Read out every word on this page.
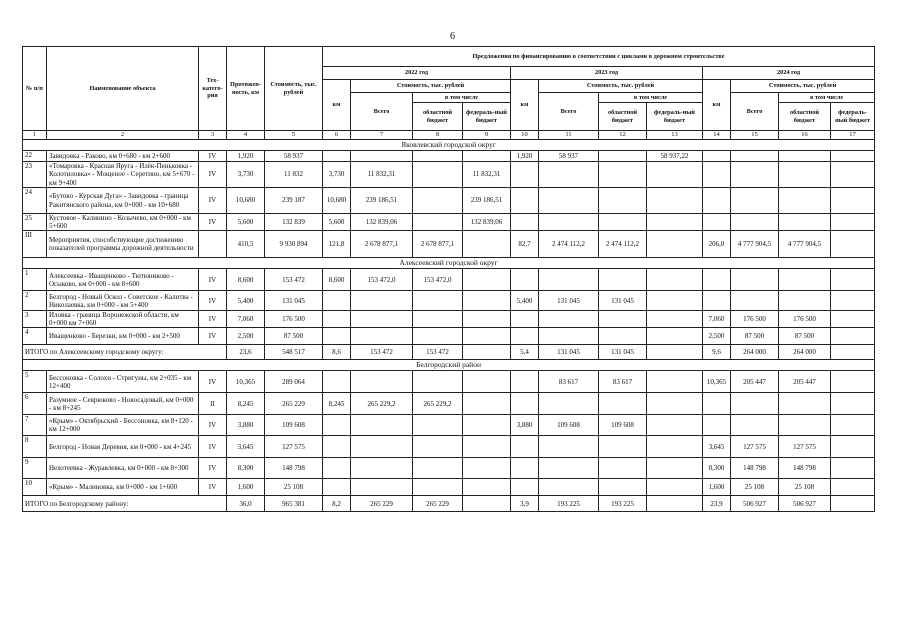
6
№ п/п	Наименование объекта	Тех-катего-рия	Протяжен-ность, км	Стоимость, тыс. рублей	Предложения по финансированию в соответствии с циклами в дорожном строительстве											
					2022 год				2023 год				2024 год			
					км	Стоимость, тыс. рублей			км	Стоимость, тыс. рублей			км	Стоимость, тыс. рублей		
						Всего	в том числе			Всего	в том числе			Всего	в том числе	
							областной бюджет	федераль-ный бюджет			областной бюджет	федераль-ный бюджет			областной бюджет	федераль-ный бюджет
1	2	3	4	5	6	7	8	9	10	11	12	13	14	15	16	17
Яковлевский городской округ																
22	Завидовка - Раково, км 0+680 - км 2+600	IV	1,920	58 937					1,920	58 937		58 937,22				
23	«Томаровка - Красная Яруга - Илёк-Пеньковка - Колотиловка» - Мощеное - Серетино, км 5+670 - км 9+400	IV	3,730	11 832	3,730	11 832,31		11 832,31								
24	«Бутово - Курская Дуга» - Завидовка - граница Ракитянского района, км 0+000 - км 10+680	IV	10,680	239 187	10,680	239 186,51		239 186,51								
25	Кустовое - Калинино - Козычево, км 0+000 - км 5+600	IV	5,600	132 839	5,600	132 839,06		132 839,06								
III	Мероприятия, способствующие достижению показателей программы дорожной деятельности		410,5	9 930 894	121,8	2 678 877,1	2 678 877,1		82,7	2 474 112,2	2 474 112,2		206,0	4 777 904,5	4 777 904,5	
Алексеевский городской округ																
1	Алексеевка - Иващенково - Тютюниково - Осыково, км 0+000 - км 8+600	IV	8,600	153 472	8,600	153 472,0	153 472,0									
2	Белгород - Новый Оскол - Советское - Калитва - Николаевка, км 0+000 - км 5+400	IV	5,400	131 045					5,400	131 045	131 045					
3	Иловка - граница Воронежской области, км 0+000 км 7+060	IV	7,060	176 500									7,060	176 500	176 500	
4	Иващенково - Березки, км 0+000 - км 2+500	IV	2,500	87 500									2,500	87 500	87 500	
ИТОГО по Алексеевскому городскому округу:			23,6	548 517	8,6	153 472	153 472		5,4	131 045	131 045		9,6	264 000	264 000	
Белгородский район																
5	Бессоновка - Солохи - Стригуны, км 2+035 - км 12+400	IV	10,365	289 064						83 617	83 617		10,365	205 447	205 447	
6	Разумное - Севрюково - Новосадовый, км 0+000 - км 8+245	II	8,245	265 229	8,245	265 229,2	265 229,2									
7	«Крым» - Октябрьский - Бессоновка, км 8+120 - км 12+000	IV	3,880	109 608					3,880	109 608	109 608					
8	Белгород - Новая Деревня, км 0+000 - км 4+245	IV	3,645	127 575									3,645	127 575	127 575	
9	Нехотеевка - Журавлевка, км 0+000 - км 8+300	IV	8,300	148 798									8,300	148 798	148 798	
10	«Крым» - Малиновка, км 0+000 - км 1+600	IV	1,600	25 108									1,600	25 108	25 108	
ИТОГО по Белгородскому району:			36,0	965 381	8,2	265 229	265 229		3,9	193 225	193 225		23,9	506 927	506 927	
